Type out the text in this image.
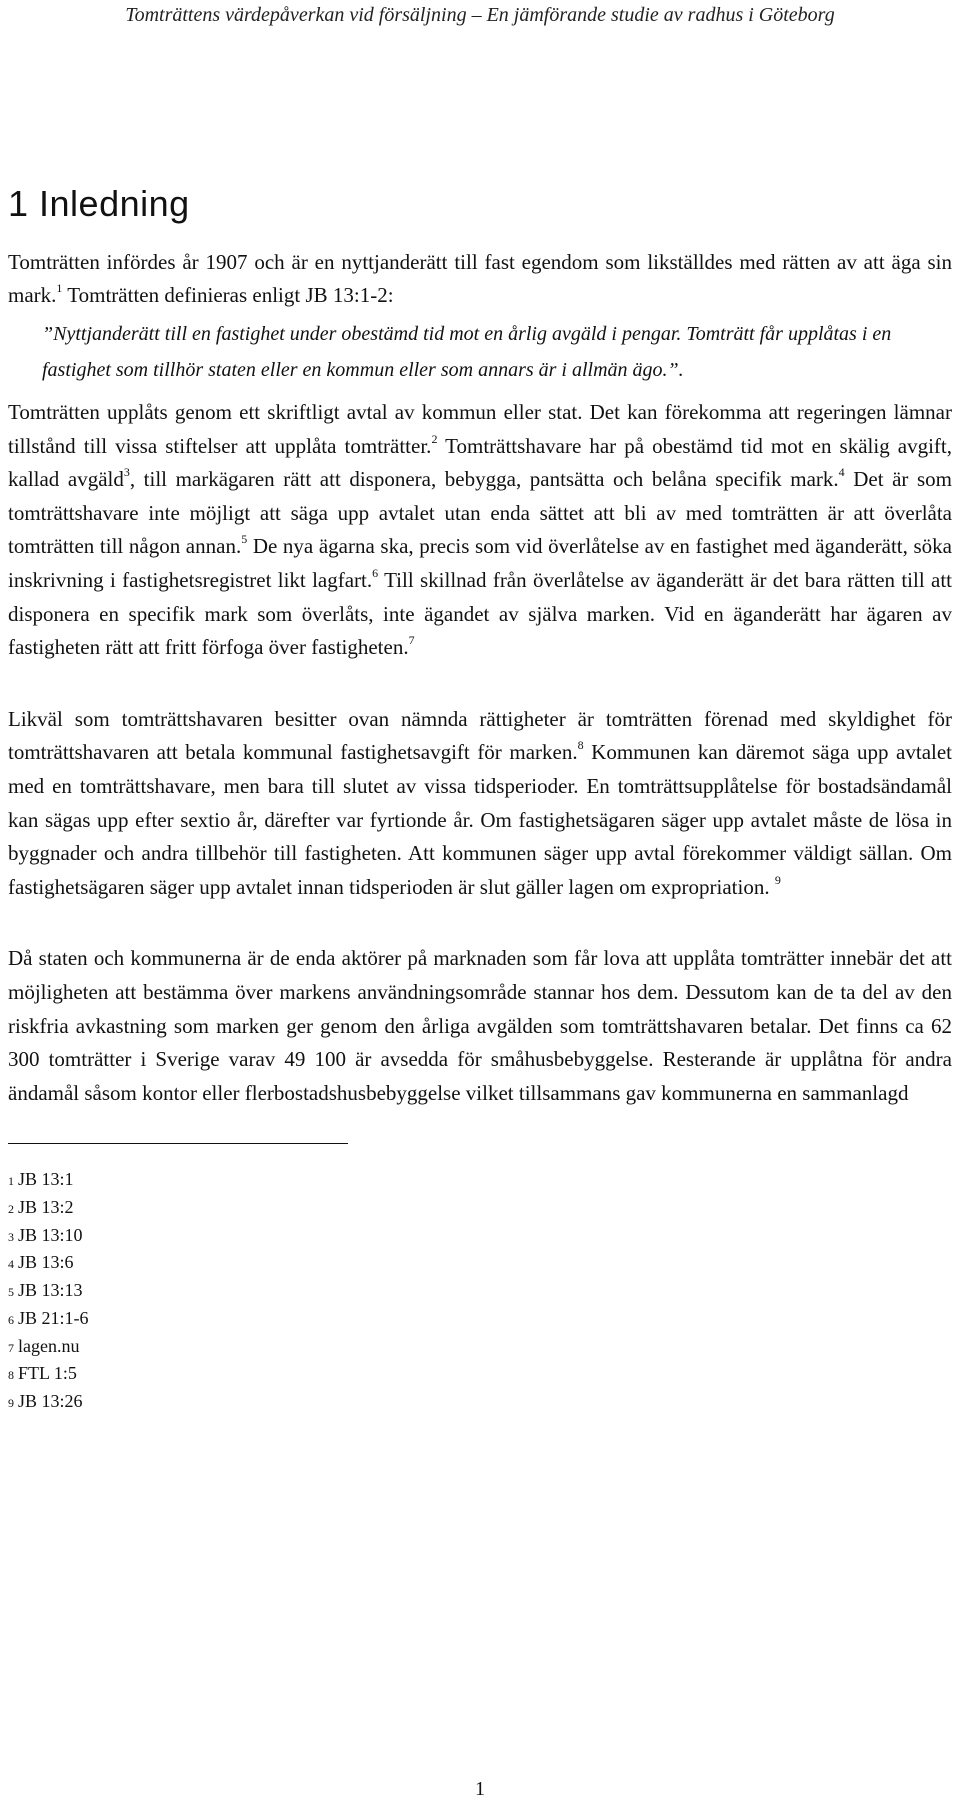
Tomträttens värdepåverkan vid försäljning – En jämförande studie av radhus i Göteborg
1 Inledning

Tomträtten infördes år 1907 och är en nyttjanderätt till fast egendom som likställdes med rätten av att äga sin mark.$^1$ Tomträtten definieras enligt JB 13:1-2:

”Nyttjanderätt till en fastighet under obestämd tid mot en årlig avgäld i pengar. Tomträtt får upplåtas i en fastighet som tillhör staten eller en kommun eller som annars är i allmän ägo.”.

Tomträtten upplåts genom ett skriftligt avtal av kommun eller stat. Det kan förekomma att regeringen lämnar tillstånd till vissa stiftelser att upplåta tomträtter.$^2$ Tomträttshavare har på obestämd tid mot en skälig avgift, kallad avgäld$^3$, till markägaren rätt att disponera, bebygga, pantsätta och belåna specifik mark.$^4$ Det är som tomträttshavare inte möjligt att säga upp avtalet utan enda sättet att bli av med tomträtten är att överlåta tomträtten till någon annan.$^5$ De nya ägarna ska, precis som vid överlåtelse av en fastighet med äganderätt, söka inskrivning i fastighetsregistret likt lagfart.$^6$ Till skillnad från överlåtelse av äganderätt är det bara rätten till att disponera en specifik mark som överlåts, inte ägandet av själva marken. Vid en äganderätt har ägaren av fastigheten rätt att fritt förfoga över fastigheten.$^7$

Likväl som tomträttshavaren besitter ovan nämnda rättigheter är tomträtten förenad med skyldighet för tomträttshavaren att betala kommunal fastighetsavgift för marken.$^8$ Kommunen kan däremot säga upp avtalet med en tomträttshavare, men bara till slutet av vissa tidsperioder. En tomträttsupplåtelse för bostadsändamål kan sägas upp efter sextio år, därefter var fyrtionde år. Om fastighetsägaren säger upp avtalet måste de lösa in byggnader och andra tillbehör till fastigheten. Att kommunen säger upp avtal förekommer väldigt sällan. Om fastighetsägaren säger upp avtalet innan tidsperioden är slut gäller lagen om expropriation. $^9$

Då staten och kommunerna är de enda aktörer på marknaden som får lova att upplåta tomträtter innebär det att möjligheten att bestämma över markens användningsområde stannar hos dem. Dessutom kan de ta del av den riskfria avkastning som marken ger genom den årliga avgälden som tomträttshavaren betalar. Det finns ca 62 300 tomträtter i Sverige varav 49 100 är avsedda för småhusbebyggelse. Resterande är upplåtna för andra ändamål såsom kontor eller flerbostadshusbebyggelse vilket tillsammans gav kommunerna en sammanlagd

1 JB 13:1
2 JB 13:2
3 JB 13:10
4 JB 13:6
5 JB 13:13
6 JB 21:1-6
7 lagen.nu
8 FTL 1:5
9 JB 13:26
1
